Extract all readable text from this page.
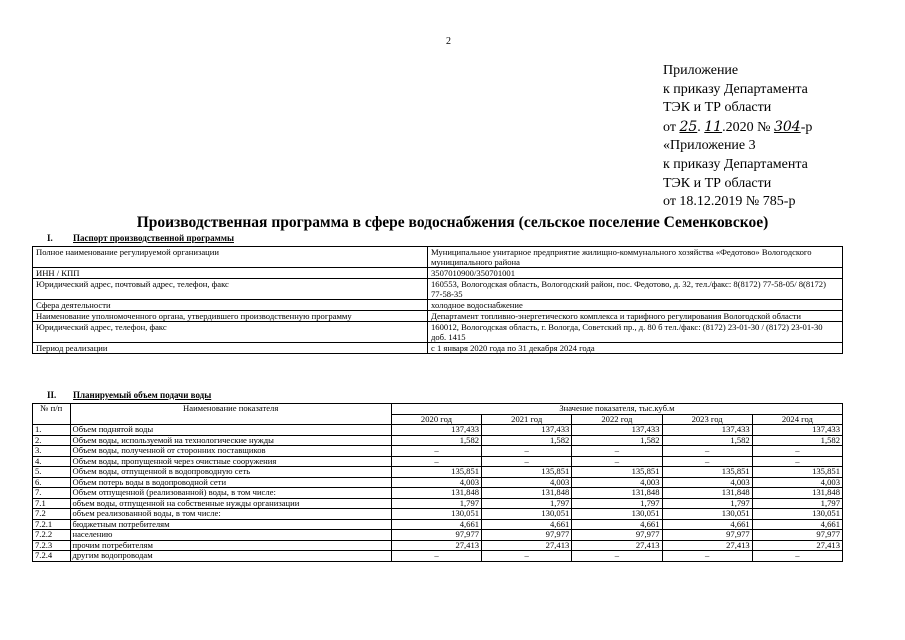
2
Приложение
к приказу Департамента
ТЭК и ТР области
от 25. 11.2020 № 304-р
«Приложение 3
к приказу Департамента
ТЭК и ТР области
от 18.12.2019 № 785-р
Производственная программа в сфере водоснабжения (сельское поселение Семенковское)
I. Паспорт производственной программы
Полное наименование регулируемой организации	Муниципальное унитарное предприятие жилищно-коммунального хозяйства «Федотово» Вологодского муниципального района
ИНН / КПП	3507010900/350701001
Юридический адрес, почтовый адрес, телефон, факс	160553, Вологодская область, Вологодский район, пос. Федотово, д. 32, тел./факс: 8(8172) 77-58-05/ 8(8172) 77-58-35
Сфера деятельности	холодное водоснабжение
Наименование уполномоченного органа, утвердившего производственную программу	Департамент топливно-энергетического комплекса и тарифного регулирования Вологодской области
Юридический адрес, телефон, факс	160012, Вологодская область, г. Вологда, Советский пр., д. 80 б тел./факс: (8172) 23-01-30 / (8172) 23-01-30 доб. 1415
Период реализации	с 1 января 2020 года по 31 декабря 2024 года
II. Планируемый объем подачи воды
№ п/п	Наименование показателя	Значение показателя, тыс.куб.м				
		2020 год	2021 год	2022 год	2023 год	2024 год
1.	Объем поднятой воды	137,433	137,433	137,433	137,433	137,433
2.	Объем воды, используемой на технологические нужды	1,582	1,582	1,582	1,582	1,582
3.	Объем воды, полученной от сторонних поставщиков	–	–	–	–	–
4.	Объем воды, пропущенной через очистные сооружения	–	–	–	–	–
5.	Объем воды, отпущенной в водопроводную сеть	135,851	135,851	135,851	135,851	135,851
6.	Объем потерь воды в водопроводной сети	4,003	4,003	4,003	4,003	4,003
7.	Объем отпущенной (реализованной) воды, в том числе:	131,848	131,848	131,848	131,848	131,848
7.1	объем воды, отпущенной на собственные нужды организации	1,797	1,797	1,797	1,797	1,797
7.2	объем реализованной воды, в том числе:	130,051	130,051	130,051	130,051	130,051
7.2.1	бюджетным потребителям	4,661	4,661	4,661	4,661	4,661
7.2.2	населению	97,977	97,977	97,977	97,977	97,977
7.2.3	прочим потребителям	27,413	27,413	27,413	27,413	27,413
7.2.4	другим водопроводам	–	–	–	–	–
